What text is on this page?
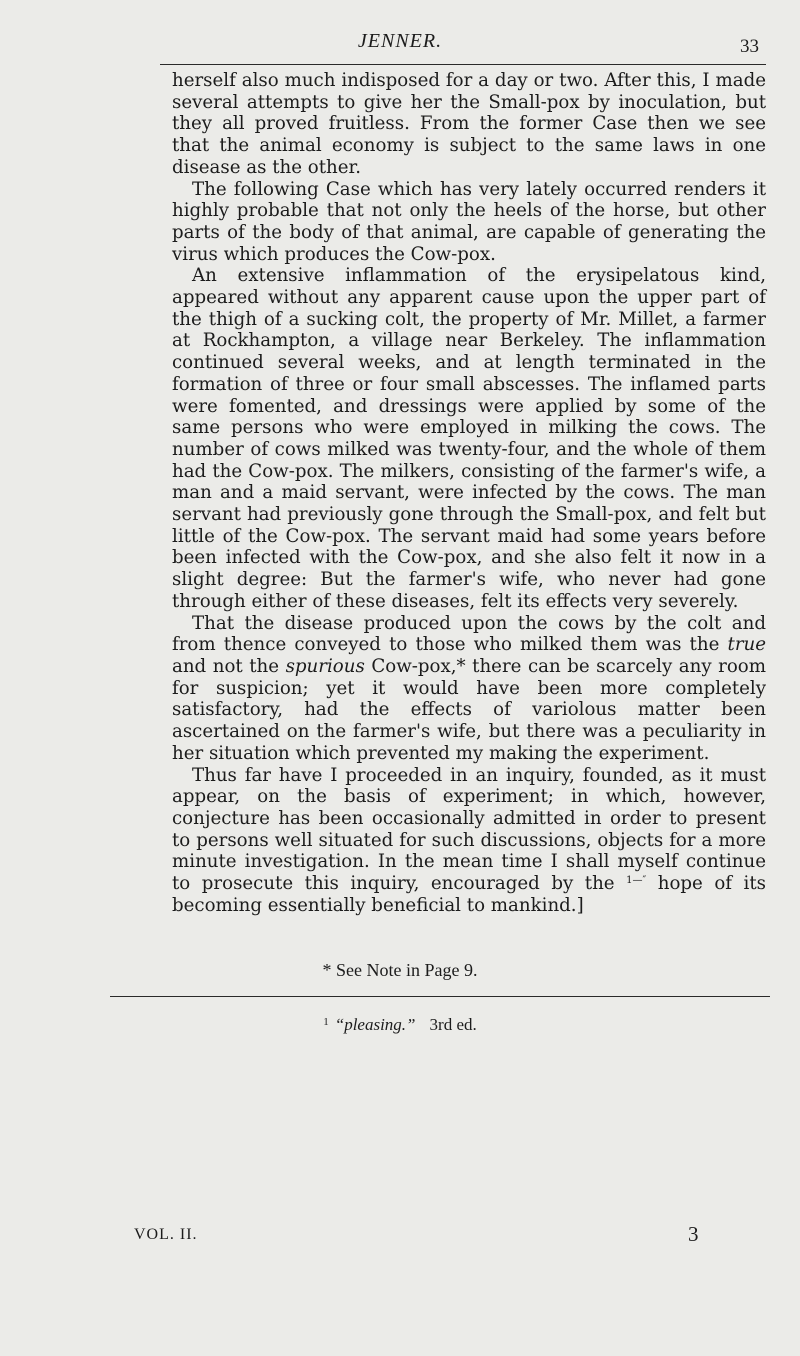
JENNER.	33

herself also much indisposed for a day or two. After this, I made several attempts to give her the Small-pox by inoculation, but they all proved fruitless. From the former Case then we see that the animal economy is subject to the same laws in one disease as the other.

The following Case which has very lately occurred renders it highly probable that not only the heels of the horse, but other parts of the body of that animal, are capable of generating the virus which produces the Cow-pox.

An extensive inflammation of the erysipelatous kind, appeared without any apparent cause upon the upper part of the thigh of a sucking colt, the property of Mr. Millet, a farmer at Rockhampton, a village near Berkeley. The inflammation continued several weeks, and at length terminated in the formation of three or four small abscesses. The inflamed parts were fomented, and dressings were applied by some of the same persons who were employed in milking the cows. The number of cows milked was twenty-four, and the whole of them had the Cow-pox. The milkers, consisting of the farmer's wife, a man and a maid servant, were infected by the cows. The man servant had previously gone through the Small-pox, and felt but little of the Cow-pox. The servant maid had some years before been infected with the Cow-pox, and she also felt it now in a slight degree: But the farmer's wife, who never had gone through either of these diseases, felt its effects very severely.

That the disease produced upon the cows by the colt and from thence conveyed to those who milked them was the true and not the spurious Cow-pox,* there can be scarcely any room for suspicion; yet it would have been more completely satisfactory, had the effects of variolous matter been ascertained on the farmer's wife, but there was a peculiarity in her situation which prevented my making the experiment.

Thus far have I proceeded in an inquiry, founded, as it must appear, on the basis of experiment; in which, however, conjecture has been occasionally admitted in order to present to persons well situated for such discussions, objects for a more minute investigation. In the mean time I shall myself continue to prosecute this inquiry, encouraged by the $^{1—''}$ hope of its becoming essentially beneficial to mankind.]

* See Note in Page 9.
$^1$ “pleasing.” 3rd ed.
VOL. II.	3
